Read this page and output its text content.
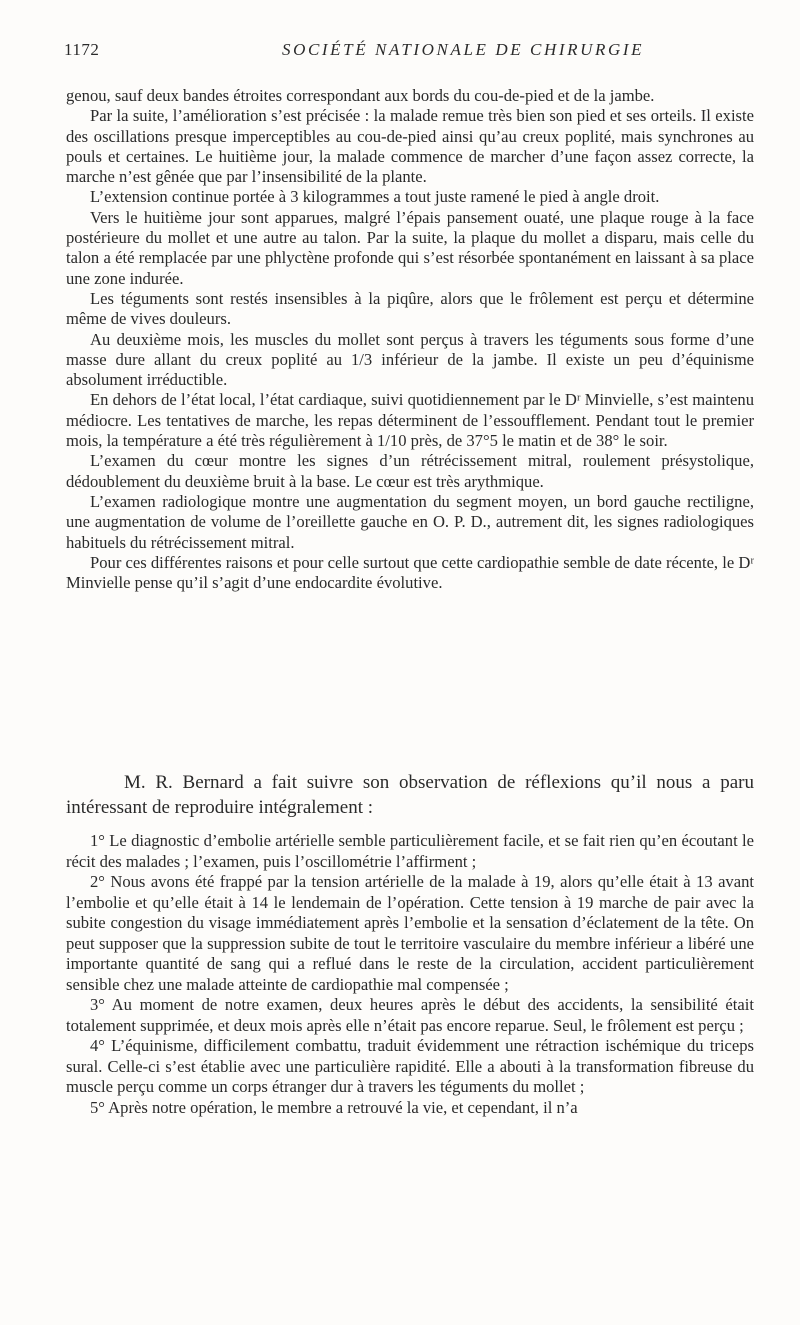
1172	SOCIÉTÉ NATIONALE DE CHIRURGIE

genou, sauf deux bandes étroites correspondant aux bords du cou-de-pied et de la jambe.

Par la suite, l’amélioration s’est précisée : la malade remue très bien son pied et ses orteils. Il existe des oscillations presque imperceptibles au cou-de-pied ainsi qu’au creux poplité, mais synchrones au pouls et certaines. Le huitième jour, la malade commence de marcher d’une façon assez correcte, la marche n’est gênée que par l’insensibilité de la plante.

L’extension continue portée à 3 kilogrammes a tout juste ramené le pied à angle droit.

Vers le huitième jour sont apparues, malgré l’épais pansement ouaté, une plaque rouge à la face postérieure du mollet et une autre au talon. Par la suite, la plaque du mollet a disparu, mais celle du talon a été remplacée par une phlyctène profonde qui s’est résorbée spontanément en laissant à sa place une zone indurée.

Les téguments sont restés insensibles à la piqûre, alors que le frôlement est perçu et détermine même de vives douleurs.

Au deuxième mois, les muscles du mollet sont perçus à travers les téguments sous forme d’une masse dure allant du creux poplité au 1/3 inférieur de la jambe. Il existe un peu d’équinisme absolument irréductible.

En dehors de l’état local, l’état cardiaque, suivi quotidiennement par le Dʳ Minvielle, s’est maintenu médiocre. Les tentatives de marche, les repas déterminent de l’essoufflement. Pendant tout le premier mois, la température a été très régulièrement à 1/10 près, de 37°5 le matin et de 38° le soir.

L’examen du cœur montre les signes d’un rétrécissement mitral, roulement présystolique, dédoublement du deuxième bruit à la base. Le cœur est très arythmique.

L’examen radiologique montre une augmentation du segment moyen, un bord gauche rectiligne, une augmentation de volume de l’oreillette gauche en O. P. D., autrement dit, les signes radiologiques habituels du rétrécissement mitral.

Pour ces différentes raisons et pour celle surtout que cette cardiopathie semble de date récente, le Dʳ Minvielle pense qu’il s’agit d’une endocardite évolutive.

M. R. Bernard a fait suivre son observation de réflexions qu’il nous a paru intéressant de reproduire intégralement :

1° Le diagnostic d’embolie artérielle semble particulièrement facile, et se fait rien qu’en écoutant le récit des malades ; l’examen, puis l’oscillométrie l’affirment ;

2° Nous avons été frappé par la tension artérielle de la malade à 19, alors qu’elle était à 13 avant l’embolie et qu’elle était à 14 le lendemain de l’opération. Cette tension à 19 marche de pair avec la subite congestion du visage immédiatement après l’embolie et la sensation d’éclatement de la tête. On peut supposer que la suppression subite de tout le territoire vasculaire du membre inférieur a libéré une importante quantité de sang qui a reflué dans le reste de la circulation, accident particulièrement sensible chez une malade atteinte de cardiopathie mal compensée ;

3° Au moment de notre examen, deux heures après le début des accidents, la sensibilité était totalement supprimée, et deux mois après elle n’était pas encore reparue. Seul, le frôlement est perçu ;

4° L’équinisme, difficilement combattu, traduit évidemment une rétraction ischémique du triceps sural. Celle-ci s’est établie avec une particulière rapidité. Elle a abouti à la transformation fibreuse du muscle perçu comme un corps étranger dur à travers les téguments du mollet ;

5° Après notre opération, le membre a retrouvé la vie, et cependant, il n’a
